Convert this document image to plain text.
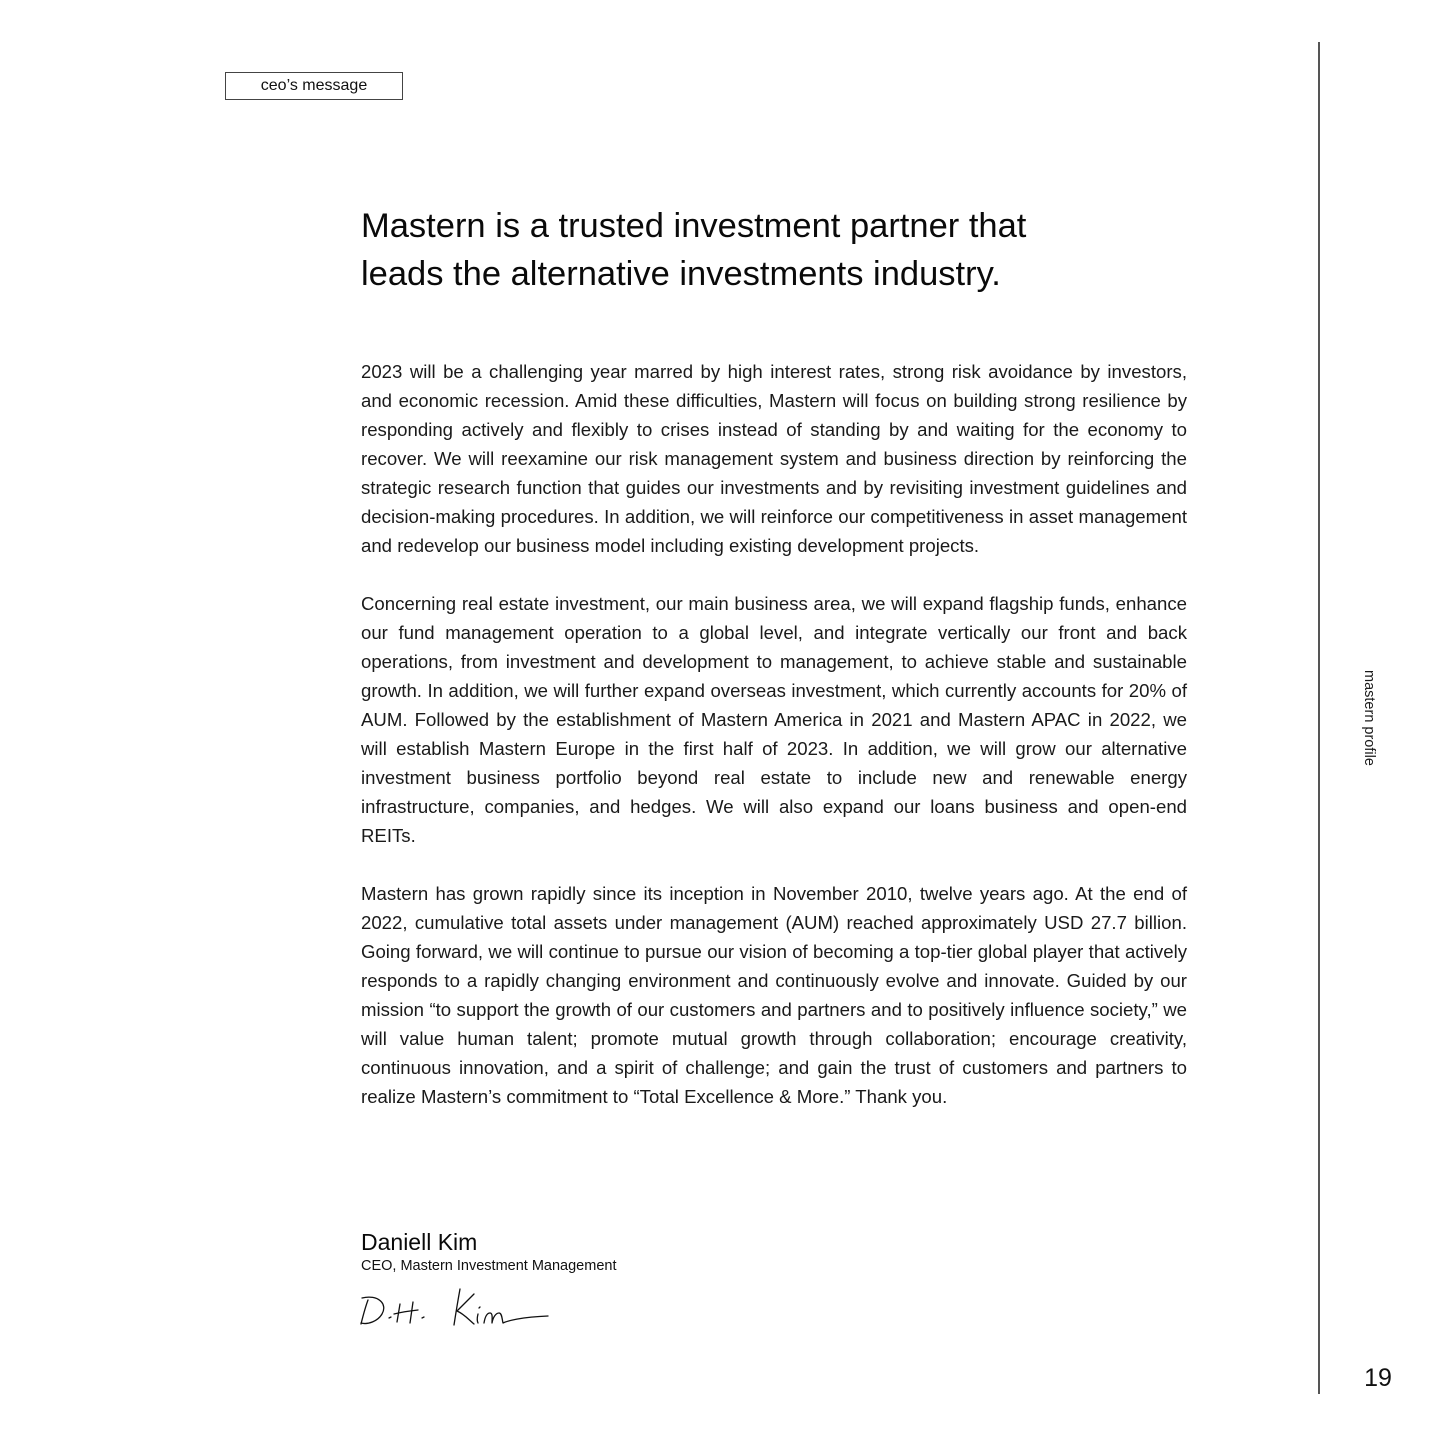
ceo’s message
Mastern is a trusted investment partner that
leads the alternative investments industry.

2023 will be a challenging year marred by high interest rates, strong risk avoidance by investors, and economic recession. Amid these difficulties, Mastern will focus on building strong resilience by responding actively and flexibly to crises instead of standing by and waiting for the economy to recover. We will reexamine our risk management system and business direction by reinforcing the strategic research function that guides our investments and by revisiting investment guidelines and decision-making procedures. In addition, we will reinforce our competitiveness in asset management and redevelop our business model including existing development projects.

Concerning real estate investment, our main business area, we will expand flagship funds, enhance our fund management operation to a global level, and integrate vertically our front and back operations, from investment and development to management, to achieve stable and sustainable growth. In addition, we will further expand overseas investment, which currently accounts for 20% of AUM. Followed by the establishment of Mastern America in 2021 and Mastern APAC in 2022, we will establish Mastern Europe in the first half of 2023. In addition, we will grow our alternative investment business portfolio beyond real estate to include new and renewable energy infrastructure, companies, and hedges. We will also expand our loans business and open-end REITs.

Mastern has grown rapidly since its inception in November 2010, twelve years ago. At the end of 2022, cumulative total assets under management (AUM) reached approximately USD 27.7 billion. Going forward, we will continue to pursue our vision of becoming a top-tier global player that actively responds to a rapidly changing environment and continuously evolve and innovate. Guided by our mission “to support the growth of our customers and partners and to positively influence society,” we will value human talent; promote mutual growth through collaboration; encourage creativity, continuous innovation, and a spirit of challenge; and gain the trust of customers and partners to realize Mastern’s commitment to “Total Excellence & More.” Thank you.

Daniell Kim
CEO, Mastern Investment Management
mastern profile
19
